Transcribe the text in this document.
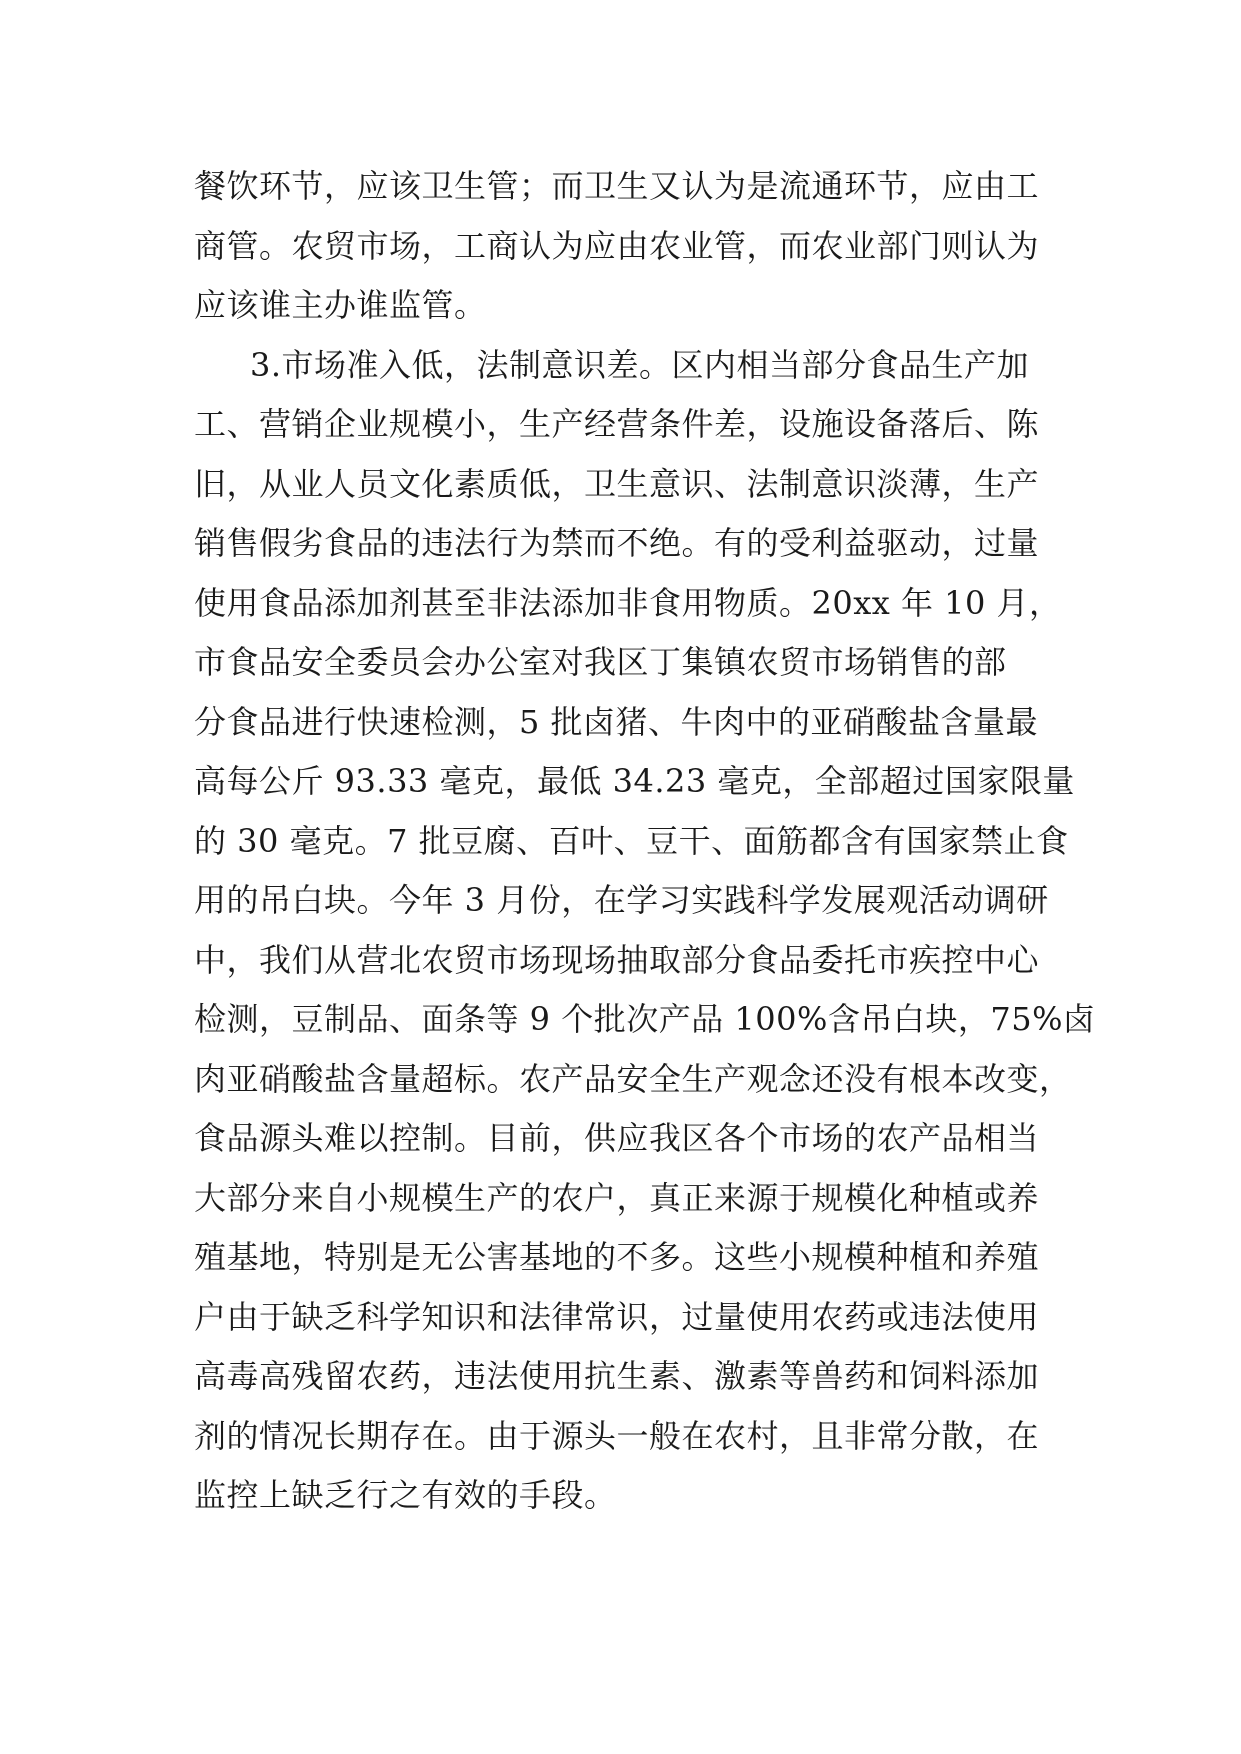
餐饮环节，应该卫生管；而卫生又认为是流通环节，应由工
商管。农贸市场，工商认为应由农业管，而农业部门则认为
应该谁主办谁监管。
3.市场准入低，法制意识差。区内相当部分食品生产加
工、营销企业规模小，生产经营条件差，设施设备落后、陈
旧，从业人员文化素质低，卫生意识、法制意识淡薄，生产
销售假劣食品的违法行为禁而不绝。有的受利益驱动，过量
使用食品添加剂甚至非法添加非食用物质。20xx 年 10 月，
市食品安全委员会办公室对我区丁集镇农贸市场销售的部
分食品进行快速检测，5 批卤猪、牛肉中的亚硝酸盐含量最
高每公斤 93.33 毫克，最低 34.23 毫克，全部超过国家限量
的 30 毫克。7 批豆腐、百叶、豆干、面筋都含有国家禁止食
用的吊白块。今年 3 月份，在学习实践科学发展观活动调研
中，我们从营北农贸市场现场抽取部分食品委托市疾控中心
检测，豆制品、面条等 9 个批次产品 100%含吊白块，75%卤
肉亚硝酸盐含量超标。农产品安全生产观念还没有根本改变，
食品源头难以控制。目前，供应我区各个市场的农产品相当
大部分来自小规模生产的农户，真正来源于规模化种植或养
殖基地，特别是无公害基地的不多。这些小规模种植和养殖
户由于缺乏科学知识和法律常识，过量使用农药或违法使用
高毒高残留农药，违法使用抗生素、激素等兽药和饲料添加
剂的情况长期存在。由于源头一般在农村，且非常分散，在
监控上缺乏行之有效的手段。
